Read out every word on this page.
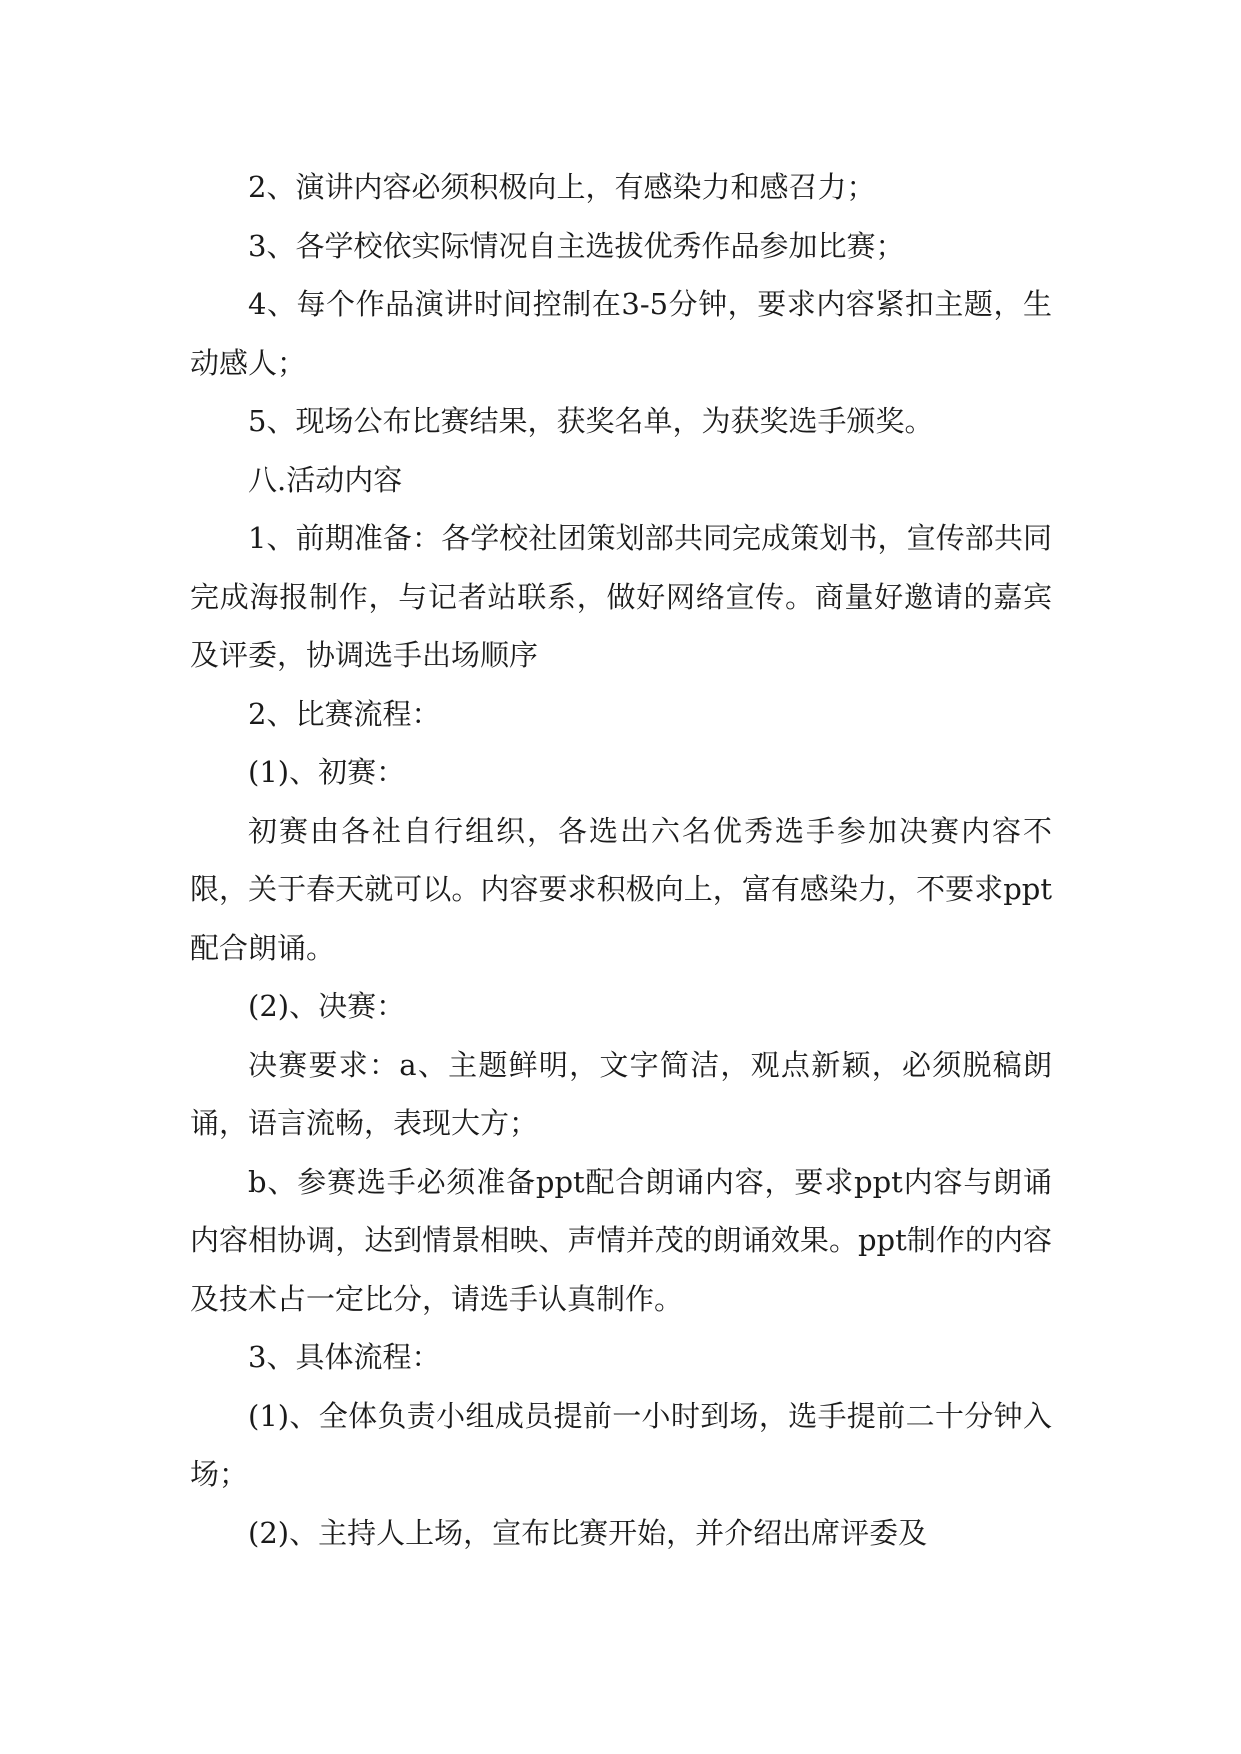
2、演讲内容必须积极向上，有感染力和感召力；

3、各学校依实际情况自主选拔优秀作品参加比赛；

4、每个作品演讲时间控制在3-5分钟，要求内容紧扣主题，生动感人；

5、现场公布比赛结果，获奖名单，为获奖选手颁奖。

八.活动内容

1、前期准备：各学校社团策划部共同完成策划书，宣传部共同完成海报制作，与记者站联系，做好网络宣传。商量好邀请的嘉宾及评委，协调选手出场顺序

2、比赛流程：

(1)、初赛：

初赛由各社自行组织，各选出六名优秀选手参加决赛内容不限，关于春天就可以。内容要求积极向上，富有感染力，不要求ppt配合朗诵。

(2)、决赛：

决赛要求：a、主题鲜明，文字简洁，观点新颖，必须脱稿朗诵，语言流畅，表现大方；

b、参赛选手必须准备ppt配合朗诵内容，要求ppt内容与朗诵内容相协调，达到情景相映、声情并茂的朗诵效果。ppt制作的内容及技术占一定比分，请选手认真制作。

3、具体流程：

(1)、全体负责小组成员提前一小时到场，选手提前二十分钟入场；

(2)、主持人上场，宣布比赛开始，并介绍出席评委及
